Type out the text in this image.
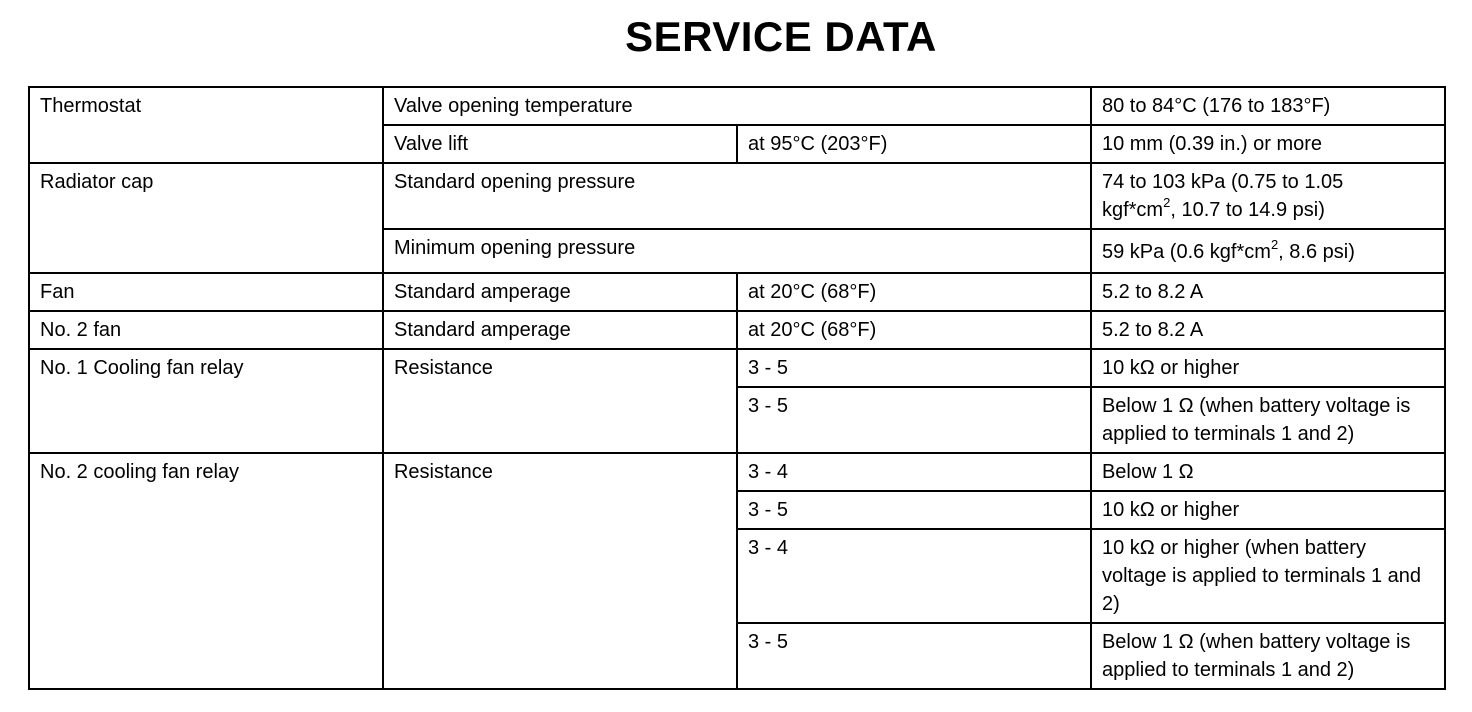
SERVICE DATA
Thermostat	Valve opening temperature		80 to 84°C (176 to 183°F)
	Valve lift	at 95°C (203°F)	10 mm (0.39 in.) or more
Radiator cap	Standard opening pressure		74 to 103 kPa (0.75 to 1.05
$kgf*cm^2$, 10.7 to 14.9 psi)
	Minimum opening pressure		59 kPa (0.6 $kgf*cm^2$, 8.6 psi)
Fan	Standard amperage	at 20°C (68°F)	5.2 to 8.2 A
No. 2 fan	Standard amperage	at 20°C (68°F)	5.2 to 8.2 A
No. 1 Cooling fan relay	Resistance	3 - 5	10 kΩ or higher
		3 - 5	Below 1 Ω (when battery voltage is applied to terminals 1 and 2)
No. 2 cooling fan relay	Resistance	3 - 4	Below 1 Ω
		3 - 5	10 kΩ or higher
		3 - 4	10 kΩ or higher (when battery voltage is applied to terminals 1 and 2)
		3 - 5	Below 1 Ω (when battery voltage is applied to terminals 1 and 2)
